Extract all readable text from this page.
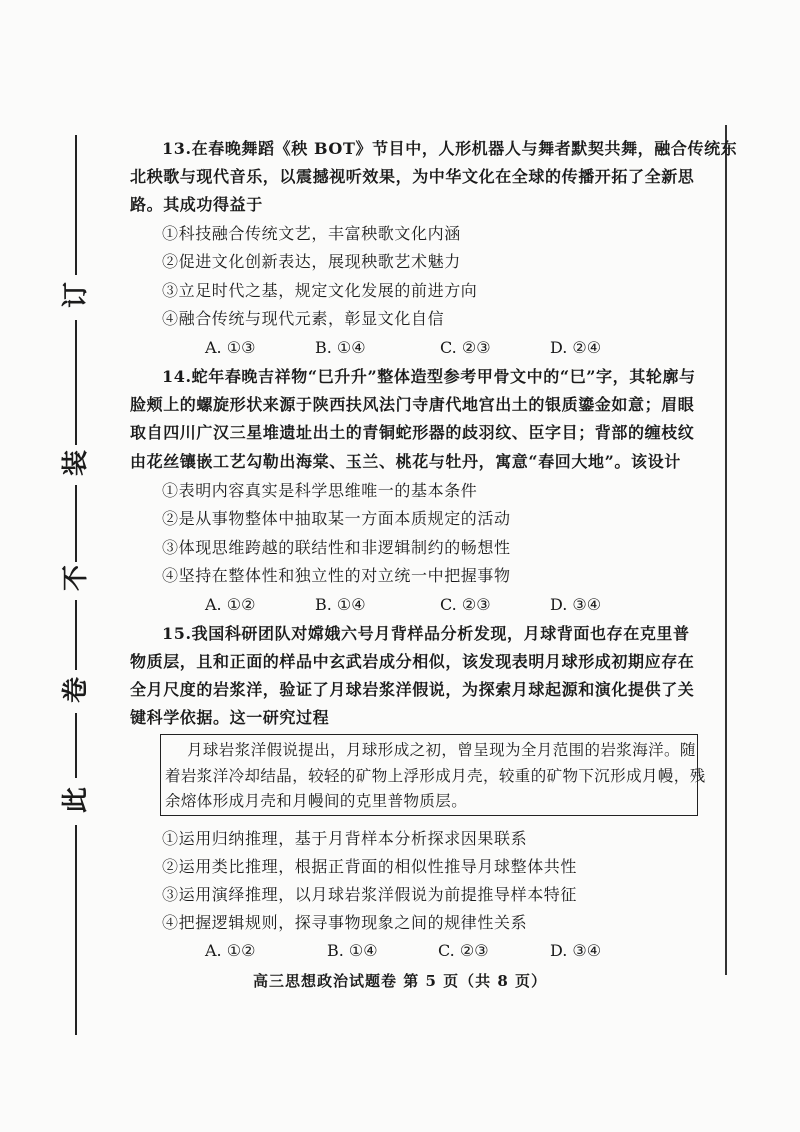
订
装
不
卷
此
13.在春晚舞蹈《秧 BOT》节目中，人形机器人与舞者默契共舞，融合传统东
北秧歌与现代音乐，以震撼视听效果，为中华文化在全球的传播开拓了全新思
路。其成功得益于
①科技融合传统文艺，丰富秧歌文化内涵
②促进文化创新表达，展现秧歌艺术魅力
③立足时代之基，规定文化发展的前进方向
④融合传统与现代元素，彰显文化自信
A. ①③	B. ①④	C. ②③	D. ②④
14.蛇年春晚吉祥物“巳升升”整体造型参考甲骨文中的“巳”字，其轮廓与
脸颊上的螺旋形状来源于陕西扶风法门寺唐代地宫出土的银质鎏金如意；眉眼
取自四川广汉三星堆遗址出土的青铜蛇形器的歧羽纹、臣字目；背部的缠枝纹
由花丝镶嵌工艺勾勒出海棠、玉兰、桃花与牡丹，寓意“春回大地”。该设计
①表明内容真实是科学思维唯一的基本条件
②是从事物整体中抽取某一方面本质规定的活动
③体现思维跨越的联结性和非逻辑制约的畅想性
④坚持在整体性和独立性的对立统一中把握事物
A. ①②	B. ①④	C. ②③	D. ③④
15.我国科研团队对嫦娥六号月背样品分析发现，月球背面也存在克里普
物质层，且和正面的样品中玄武岩成分相似，该发现表明月球形成初期应存在
全月尺度的岩浆洋，验证了月球岩浆洋假说，为探索月球起源和演化提供了关
键科学依据。这一研究过程
月球岩浆洋假说提出，月球形成之初，曾呈现为全月范围的岩浆海洋。随
着岩浆洋冷却结晶，较轻的矿物上浮形成月壳，较重的矿物下沉形成月幔，残
余熔体形成月壳和月幔间的克里普物质层。
①运用归纳推理，基于月背样本分析探求因果联系
②运用类比推理，根据正背面的相似性推导月球整体共性
③运用演绎推理，以月球岩浆洋假说为前提推导样本特征
④把握逻辑规则，探寻事物现象之间的规律性关系
A. ①②	B. ①④	C. ②③	D. ③④
高三思想政治试题卷 第 5 页（共 8 页）
